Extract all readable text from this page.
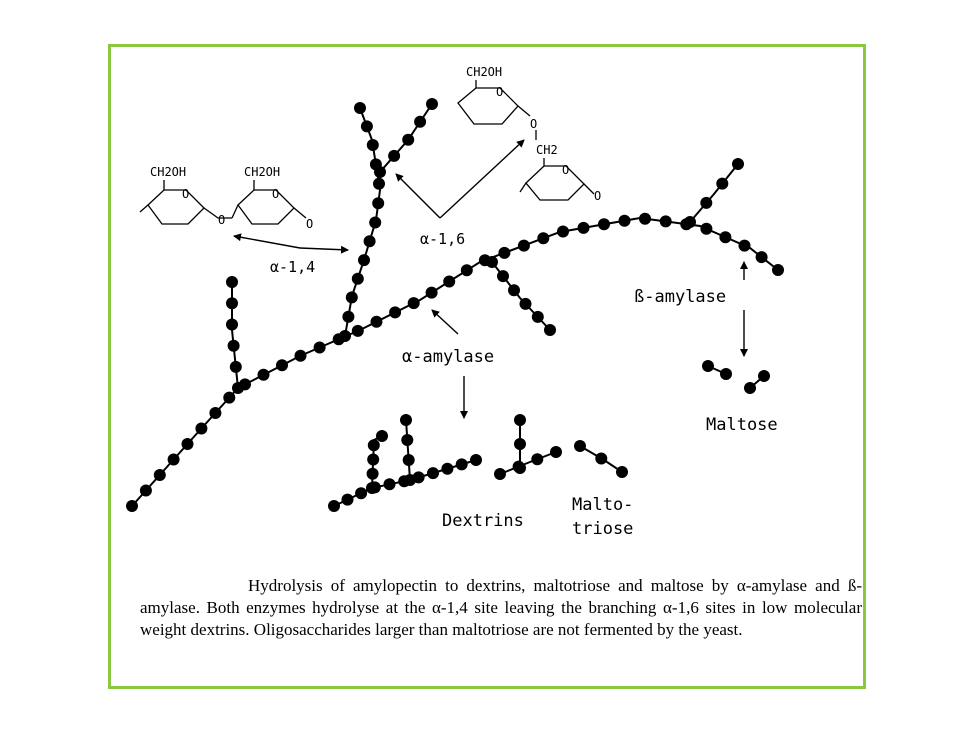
CH2OH	CH2OH
CH2OH
CH2
O	O
O
O
O	O
O
O
α-1,4
α-1,6
ß-amylase
α-amylase
Maltose
Dextrins
Malto-
triose

Hydrolysis of amylopectin to dextrins, maltotriose and maltose by α-amylase and ß-amylase. Both enzymes hydrolyse at the α-1,4 site leaving the branching α-1,6 sites in low molecular weight dextrins. Oligosaccharides larger than maltotriose are not fermented by the yeast.
